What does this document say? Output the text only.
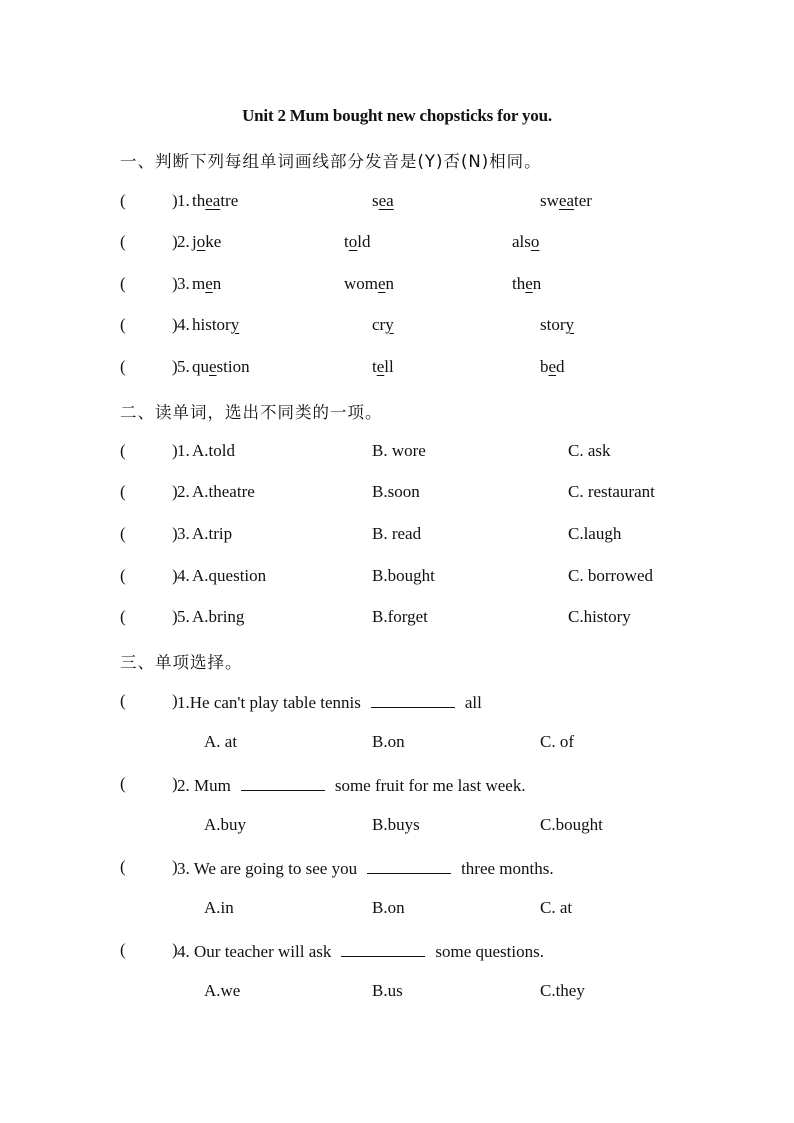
Unit 2 Mum bought new chopsticks for you.
一、判断下列每组单词画线部分发音是(Y)否(N)相同。
(	) 1. theatre	sea	sweater
(	) 2. joke	told	also
(	) 3. men	women	then
(	) 4. history	cry	story
(	) 5. question	tell	bed
二、读单词，选出不同类的一项。
(	) 1. A.told	B. wore	C. ask
(	) 2. A.theatre	B.soon	C. restaurant
(	) 3. A.trip	B. read	C.laugh
(	) 4. A.question	B.bought	C. borrowed
(	) 5. A.bring	B.forget	C.history
三、单项选择。
(	) 1.He can't play table tennis	all
A. at	B.on	C. of
(	) 2. Mum	some fruit for me last week.
A.buy	B.buys	C.bought
(	) 3. We are going to see you	three months.
A.in	B.on	C. at
(	) 4. Our teacher will ask	some questions.
A.we	B.us	C.they
